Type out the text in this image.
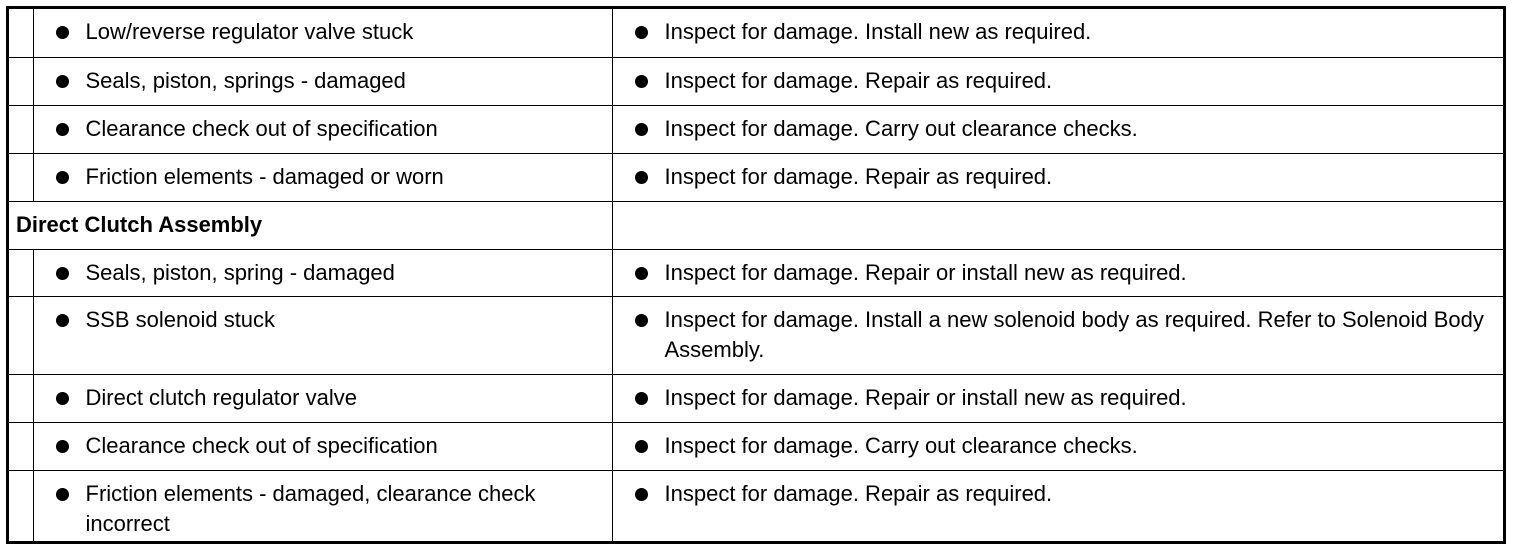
	Low/reverse regulator valve stuck	Inspect for damage. Install new as required.

	Seals, piston, springs - damaged	Inspect for damage. Repair as required.

	Clearance check out of specification	Inspect for damage. Carry out clearance checks.

	Friction elements - damaged or worn	Inspect for damage. Repair as required.

Direct Clutch Assembly		

	Seals, piston, spring - damaged	Inspect for damage. Repair or install new as required.

	SSB solenoid stuck	Inspect for damage. Install a new solenoid body as required. Refer to Solenoid Body Assembly.

	Direct clutch regulator valve	Inspect for damage. Repair or install new as required.

	Clearance check out of specification	Inspect for damage. Carry out clearance checks.

	Friction elements - damaged, clearance check incorrect	Inspect for damage. Repair as required.
